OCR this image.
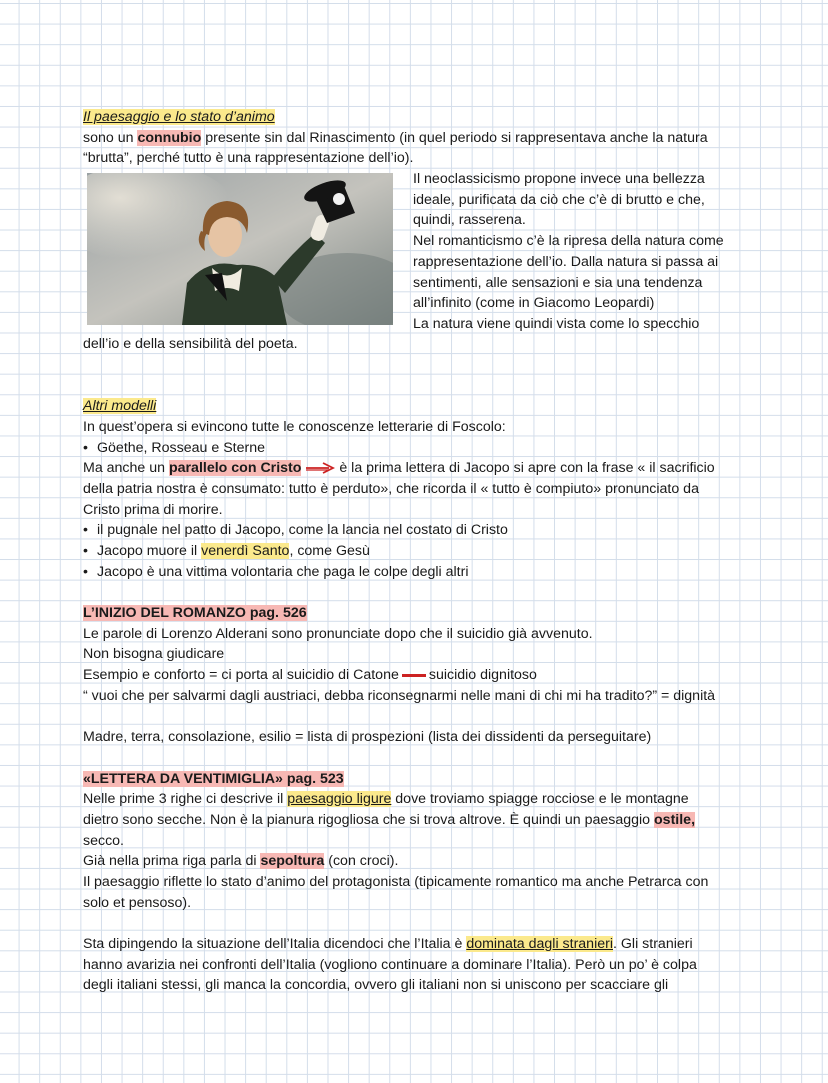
Il paesaggio e lo stato d’animo
sono un connubio presente sin dal Rinascimento (in quel periodo si rappresentava anche la natura
“brutta”, perché tutto è una rappresentazione dell’io).
Il neoclassicismo propone invece una bellezza
ideale, purificata da ciò che c’è di brutto e che,
quindi, rasserena.
Nel romanticismo c’è la ripresa della natura come
rappresentazione dell’io. Dalla natura si passa ai
sentimenti, alle sensazioni e sia una tendenza
all’infinito (come in Giacomo Leopardi)
La natura viene quindi vista come lo specchio
dell’io e della sensibilità del poeta.
Altri modelli
In quest’opera si evincono tutte le conoscenze letterarie di Foscolo:
• Göethe, Rosseau e Sterne
Ma anche un parallelo con Cristo	è la prima lettera di Jacopo si apre con la frase « il sacrificio
della patria nostra è consumato: tutto è perduto», che ricorda il « tutto è compiuto» pronunciato da
Cristo prima di morire.
• il pugnale nel patto di Jacopo, come la lancia nel costato di Cristo
• Jacopo muore il venerdì Santo, come Gesù
• Jacopo è una vittima volontaria che paga le colpe degli altri
L’INIZIO DEL ROMANZO pag. 526
Le parole di Lorenzo Alderani sono pronunciate dopo che il suicidio già avvenuto.
Non bisogna giudicare
Esempio e conforto = ci porta al suicidio di Catone suicidio dignitoso
“ vuoi che per salvarmi dagli austriaci, debba riconsegnarmi nelle mani di chi mi ha tradito?” = dignità
Madre, terra, consolazione, esilio = lista di prospezioni (lista dei dissidenti da perseguitare)
«LETTERA DA VENTIMIGLIA» pag. 523
Nelle prime 3 righe ci descrive il paesaggio ligure dove troviamo spiagge rocciose e le montagne
dietro sono secche. Non è la pianura rigogliosa che si trova altrove. È quindi un paesaggio ostile,
secco.
Già nella prima riga parla di sepoltura (con croci).
Il paesaggio riflette lo stato d’animo del protagonista (tipicamente romantico ma anche Petrarca con
solo et pensoso).
Sta dipingendo la situazione dell’Italia dicendoci che l’Italia è dominata dagli stranieri. Gli stranieri
hanno avarizia nei confronti dell’Italia (vogliono continuare a dominare l’Italia). Però un po’ è colpa
degli italiani stessi, gli manca la concordia, ovvero gli italiani non si uniscono per scacciare gli
